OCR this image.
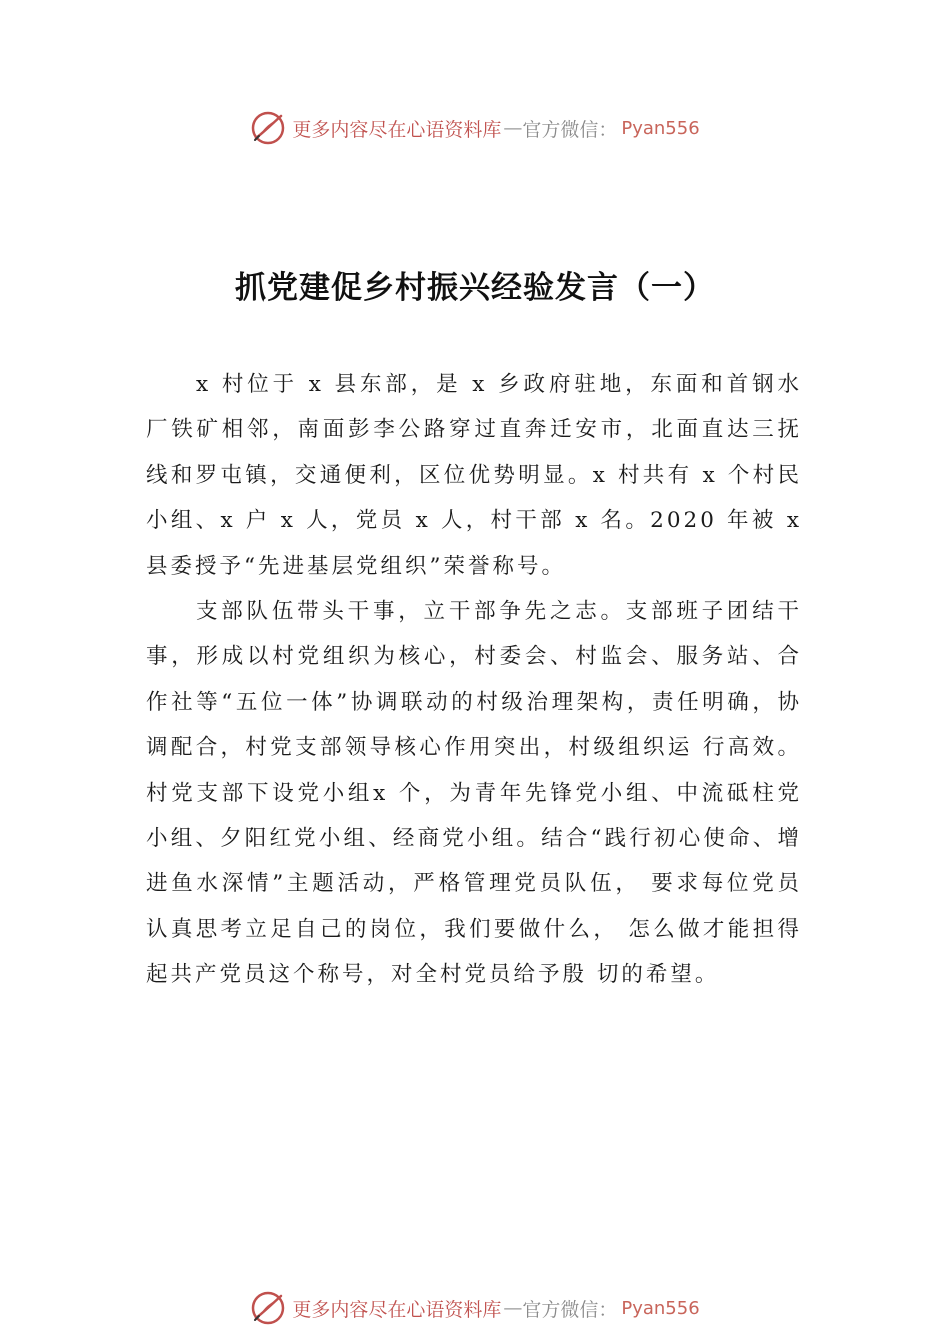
更多内容尽在心语资料库 — 官方微信： Pyan556
抓党建促乡村振兴经验发言（一）

x 村位于 x 县东部，是 x 乡政府驻地，东面和首钢水厂铁矿相邻，南面彭李公路穿过直奔迁安市，北面直达三抚线和罗屯镇，交通便利，区位优势明显。x 村共有 x 个村民小组、x 户 x 人，党员 x 人，村干部 x 名。2020 年被 x 县委授予“先进基层党组织”荣誉称号。

支部队伍带头干事，立干部争先之志。支部班子团结干事，形成以村党组织为核心，村委会、村监会、服务站、合作社等“五位一体”协调联动的村级治理架构，责任明确，协调配合，村党支部领导核心作用突出，村级组织运 行高效。村党支部下设党小组x 个，为青年先锋党小组、中流砥柱党小组、夕阳红党小组、经商党小组。结合“践行初心使命、增进鱼水深情”主题活动，严格管理党员队伍， 要求每位党员认真思考立足自己的岗位，我们要做什么， 怎么做才能担得起共产党员这个称号，对全村党员给予殷 切的希望。

更多内容尽在心语资料库 — 官方微信： Pyan556
